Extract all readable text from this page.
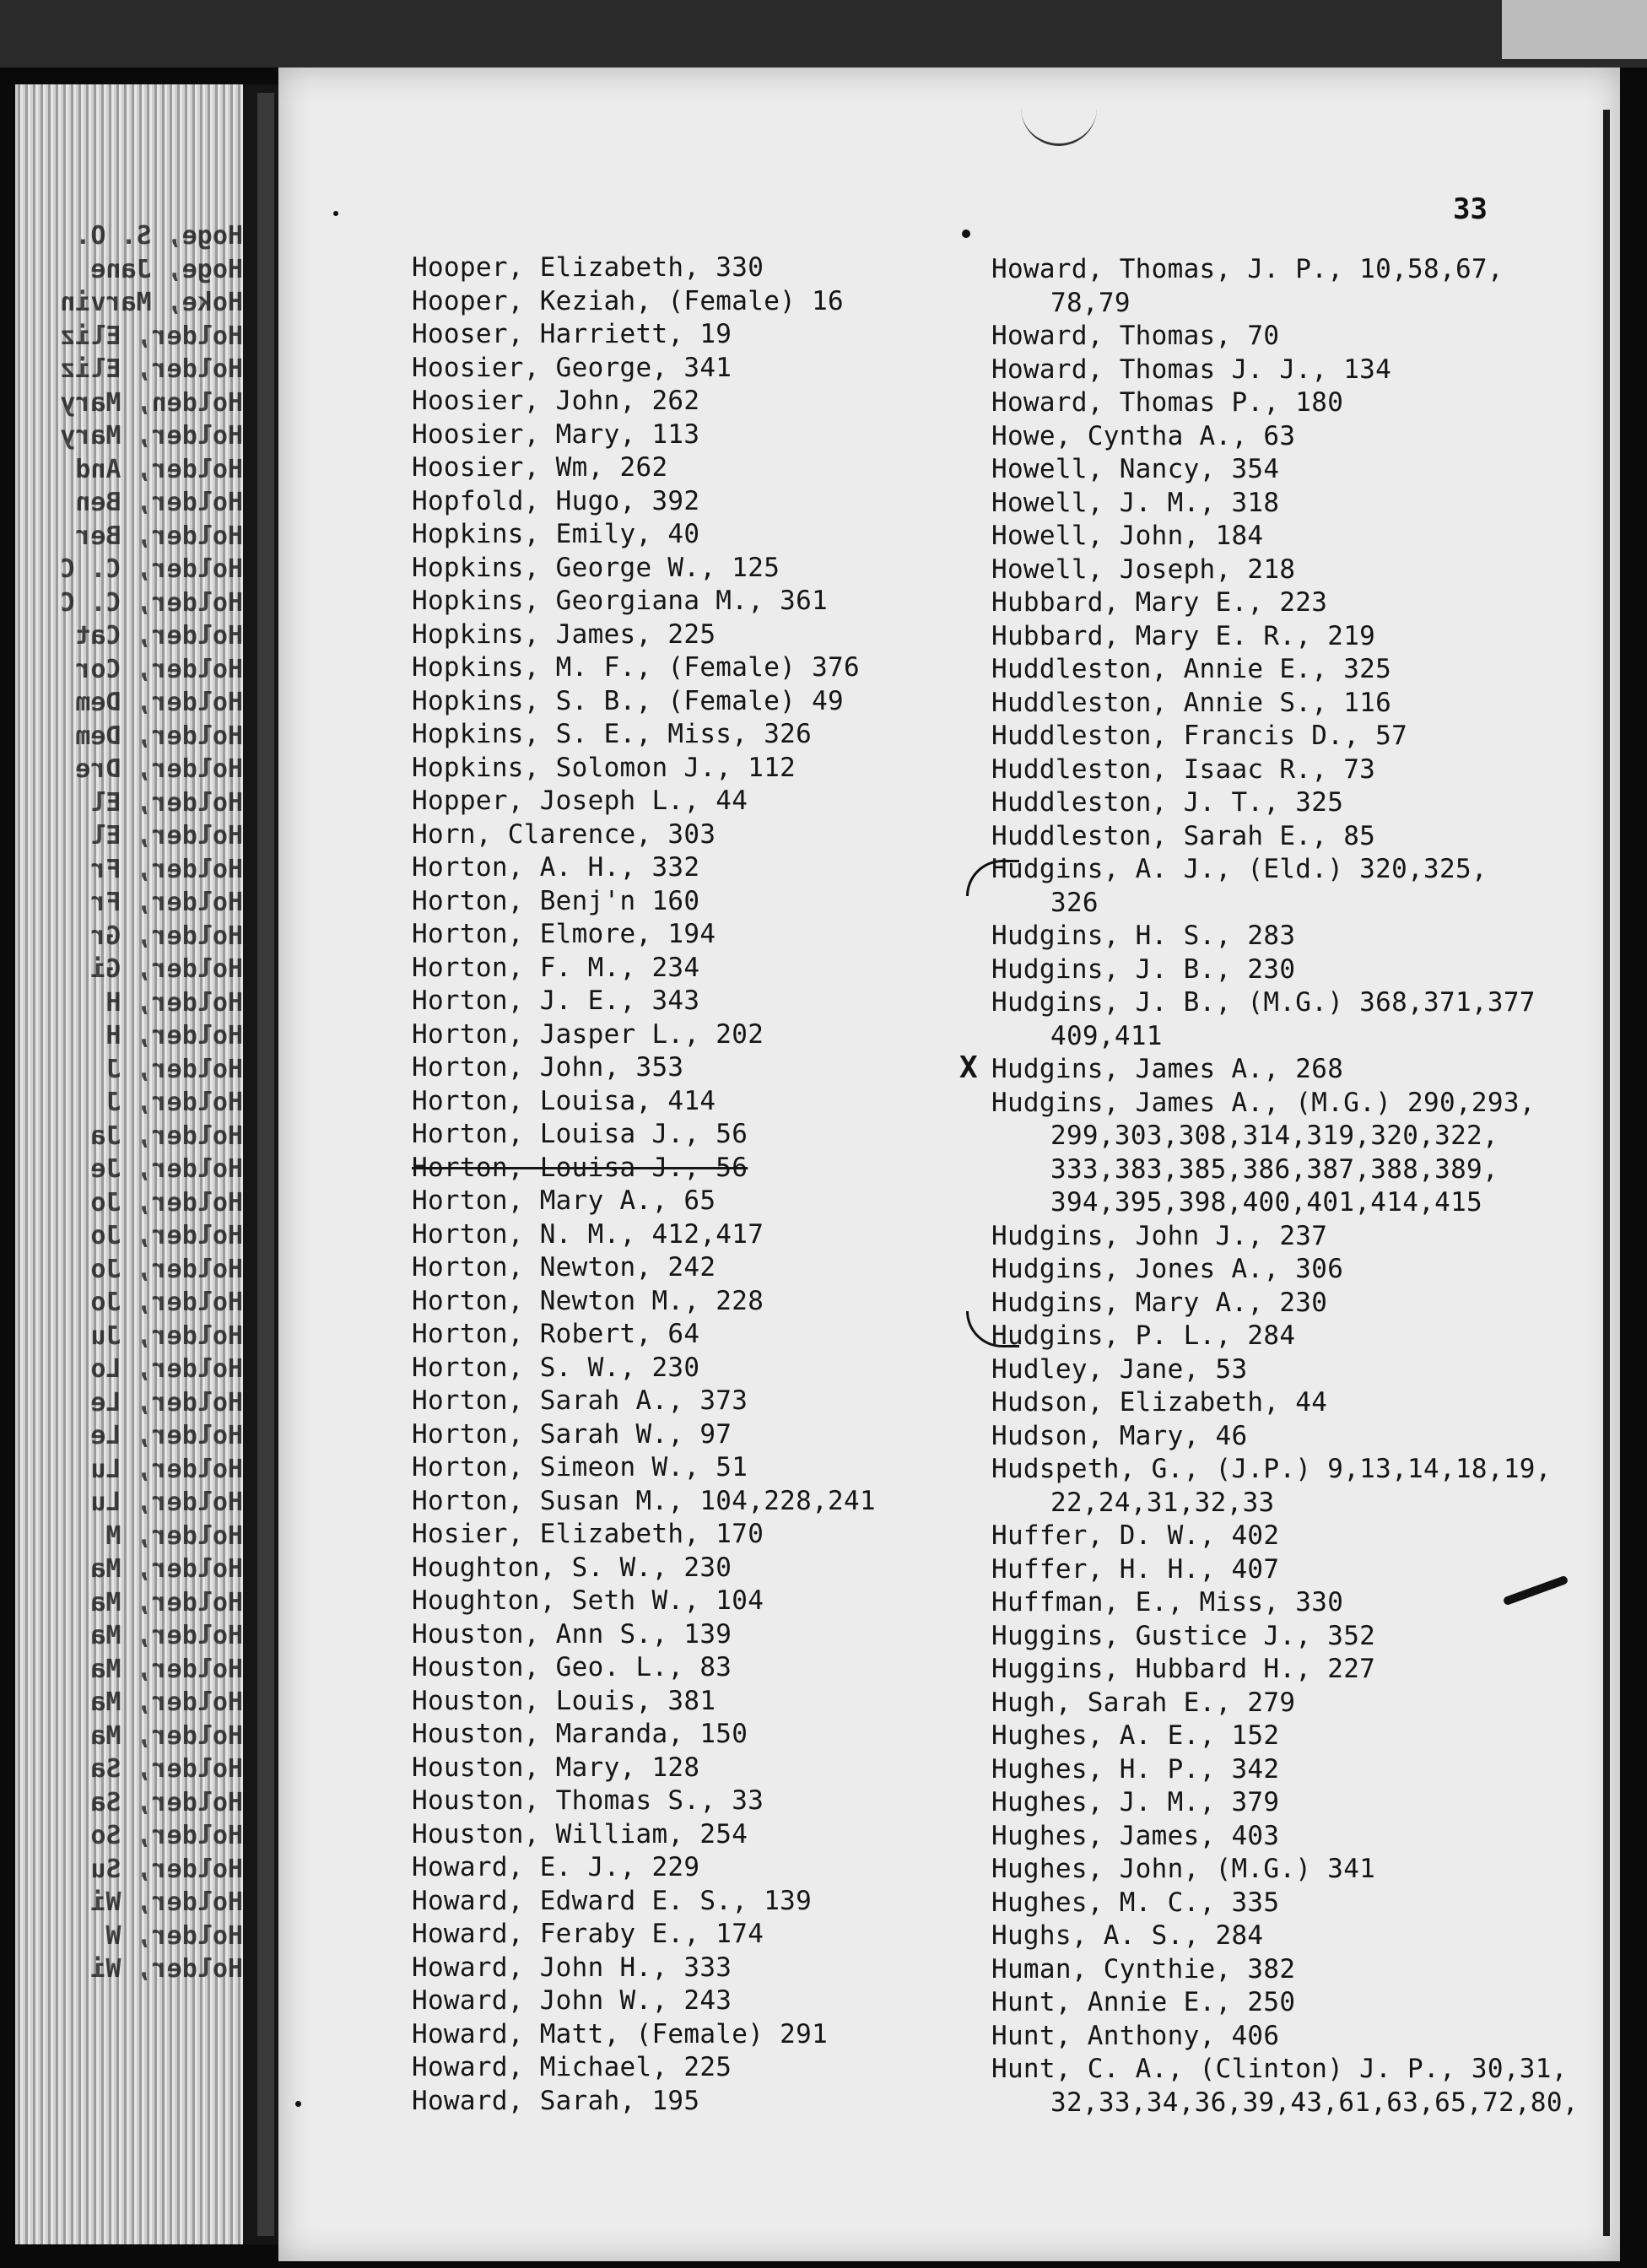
Hoge, S. O.
Hoge, Jane
Hoke, Marvin
Holder, Eliz
Holder, Eliz
Holden, Mary
Holder, Mary
Holder, And
Holder, Ben
Holder, Ber
Holder, C. C
Holder, C. C
Holder, Cat
Holder, Cor
Holder, Dem
Holder, Dem
Holder, Dre
Holder, El
Holder, El
Holder, Fr
Holder, Fr
Holder, Gr
Holder, Gi
Holder, H
Holder, H
Holder, J
Holder, J
Holder, Ja
Holder, Je
Holder, Jo
Holder, Jo
Holder, Jo
Holder, Jo
Holder, Ju
Holder, Lo
Holder, Le
Holder, Le
Holder, Lu
Holder, Lu
Holder, M
Holder, Ma
Holder, Ma
Holder, Ma
Holder, Ma
Holder, Ma
Holder, Ma
Holder, Sa
Holder, Sa
Holder, So
Holder, Su
Holder, Wi
Holder, W
Holder, Wi
33
Hooper, Elizabeth, 330
Hooper, Keziah, (Female) 16
Hooser, Harriett, 19
Hoosier, George, 341
Hoosier, John, 262
Hoosier, Mary, 113
Hoosier, Wm, 262
Hopfold, Hugo, 392
Hopkins, Emily, 40
Hopkins, George W., 125
Hopkins, Georgiana M., 361
Hopkins, James, 225
Hopkins, M. F., (Female) 376
Hopkins, S. B., (Female) 49
Hopkins, S. E., Miss, 326
Hopkins, Solomon J., 112
Hopper, Joseph L., 44
Horn, Clarence, 303
Horton, A. H., 332
Horton, Benj'n 160
Horton, Elmore, 194
Horton, F. M., 234
Horton, J. E., 343
Horton, Jasper L., 202
Horton, John, 353
Horton, Louisa, 414
Horton, Louisa J., 56
Horton, Louisa J., 56
Horton, Mary A., 65
Horton, N. M., 412,417
Horton, Newton, 242
Horton, Newton M., 228
Horton, Robert, 64
Horton, S. W., 230
Horton, Sarah A., 373
Horton, Sarah W., 97
Horton, Simeon W., 51
Horton, Susan M., 104,228,241
Hosier, Elizabeth, 170
Houghton, S. W., 230
Houghton, Seth W., 104
Houston, Ann S., 139
Houston, Geo. L., 83
Houston, Louis, 381
Houston, Maranda, 150
Houston, Mary, 128
Houston, Thomas S., 33
Houston, William, 254
Howard, E. J., 229
Howard, Edward E. S., 139
Howard, Feraby E., 174
Howard, John H., 333
Howard, John W., 243
Howard, Matt, (Female) 291
Howard, Michael, 225
Howard, Sarah, 195
Howard, Thomas, J. P., 10,58,67,
78,79
Howard, Thomas, 70
Howard, Thomas J. J., 134
Howard, Thomas P., 180
Howe, Cyntha A., 63
Howell, Nancy, 354
Howell, J. M., 318
Howell, John, 184
Howell, Joseph, 218
Hubbard, Mary E., 223
Hubbard, Mary E. R., 219
Huddleston, Annie E., 325
Huddleston, Annie S., 116
Huddleston, Francis D., 57
Huddleston, Isaac R., 73
Huddleston, J. T., 325
Huddleston, Sarah E., 85
Hudgins, A. J., (Eld.) 320,325,
326
Hudgins, H. S., 283
Hudgins, J. B., 230
Hudgins, J. B., (M.G.) 368,371,377
409,411
X Hudgins, James A., 268
Hudgins, James A., (M.G.) 290,293,
299,303,308,314,319,320,322,
333,383,385,386,387,388,389,
394,395,398,400,401,414,415
Hudgins, John J., 237
Hudgins, Jones A., 306
Hudgins, Mary A., 230
Hudgins, P. L., 284
Hudley, Jane, 53
Hudson, Elizabeth, 44
Hudson, Mary, 46
Hudspeth, G., (J.P.) 9,13,14,18,19,
22,24,31,32,33
Huffer, D. W., 402
Huffer, H. H., 407
Huffman, E., Miss, 330
Huggins, Gustice J., 352
Huggins, Hubbard H., 227
Hugh, Sarah E., 279
Hughes, A. E., 152
Hughes, H. P., 342
Hughes, J. M., 379
Hughes, James, 403
Hughes, John, (M.G.) 341
Hughes, M. C., 335
Hughs, A. S., 284
Human, Cynthie, 382
Hunt, Annie E., 250
Hunt, Anthony, 406
Hunt, C. A., (Clinton) J. P., 30,31,
32,33,34,36,39,43,61,63,65,72,80,
